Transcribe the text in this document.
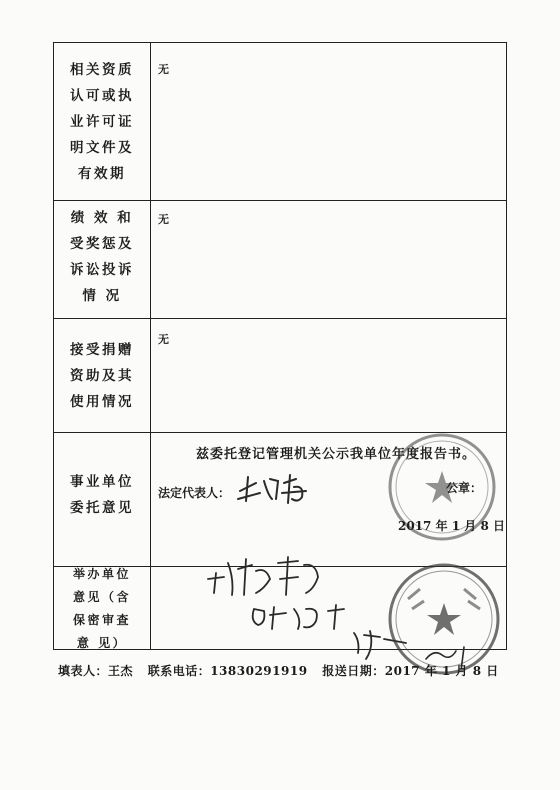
相关资质
认可或执
业许可证
明文件及
有效期
无
绩 效 和
受奖惩及
诉讼投诉
情 况
无
接受捐赠
资助及其
使用情况
无
事业单位
委托意见
兹委托登记管理机关公示我单位年度报告书。
法定代表人：	公章：
2017 年 1 月 8 日
举办单位
意见（含
保密审查
意 见）
填表人：王杰 联系电话：13830291919 报送日期：2017 年 1 月 8 日
